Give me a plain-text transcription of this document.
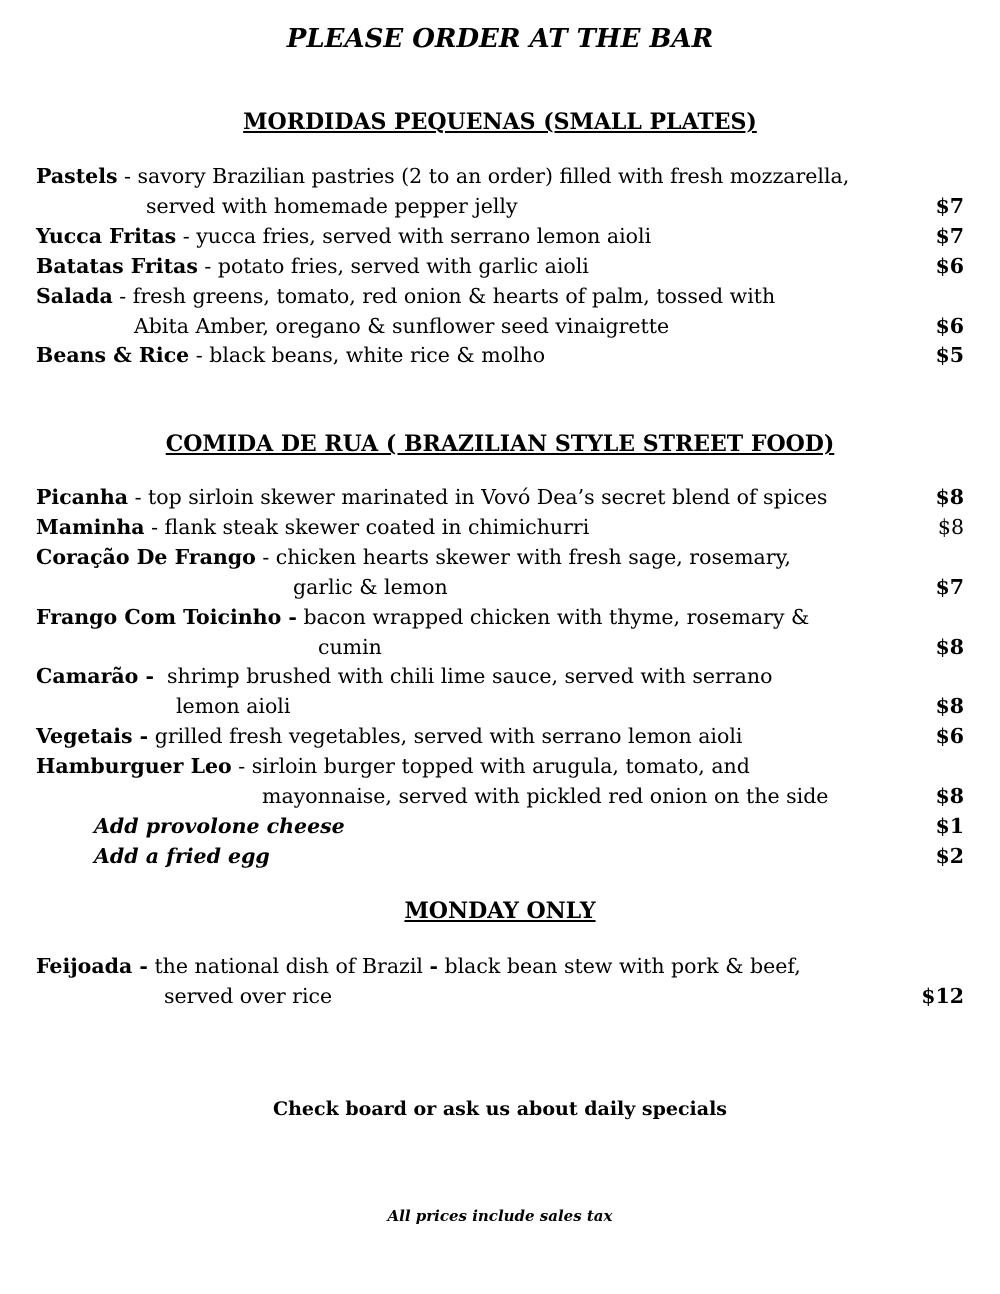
PLEASE ORDER AT THE BAR
MORDIDAS PEQUENAS (SMALL PLATES)
Pastels - savory Brazilian pastries (2 to an order) filled with fresh mozzarella,
served with homemade pepper jelly	$7
Yucca Fritas - yucca fries, served with serrano lemon aioli	$7
Batatas Fritas - potato fries, served with garlic aioli	$6
Salada - fresh greens, tomato, red onion & hearts of palm, tossed with
Abita Amber, oregano & sunflower seed vinaigrette	$6
Beans & Rice - black beans, white rice & molho	$5
COMIDA DE RUA ( BRAZILIAN STYLE STREET FOOD)
Picanha - top sirloin skewer marinated in Vovó Dea’s secret blend of spices	$8
Maminha - flank steak skewer coated in chimichurri	$8
Coração De Frango - chicken hearts skewer with fresh sage, rosemary,
garlic & lemon	$7
Frango Com Toicinho - bacon wrapped chicken with thyme, rosemary &
cumin	$8
Camarão - shrimp brushed with chili lime sauce, served with serrano
lemon aioli	$8
Vegetais - grilled fresh vegetables, served with serrano lemon aioli	$6
Hamburguer Leo - sirloin burger topped with arugula, tomato, and
mayonnaise, served with pickled red onion on the side	$8
Add provolone cheese	$1
Add a fried egg	$2
MONDAY ONLY
Feijoada - the national dish of Brazil - black bean stew with pork & beef,
served over rice	$12
Check board or ask us about daily specials
All prices include sales tax
